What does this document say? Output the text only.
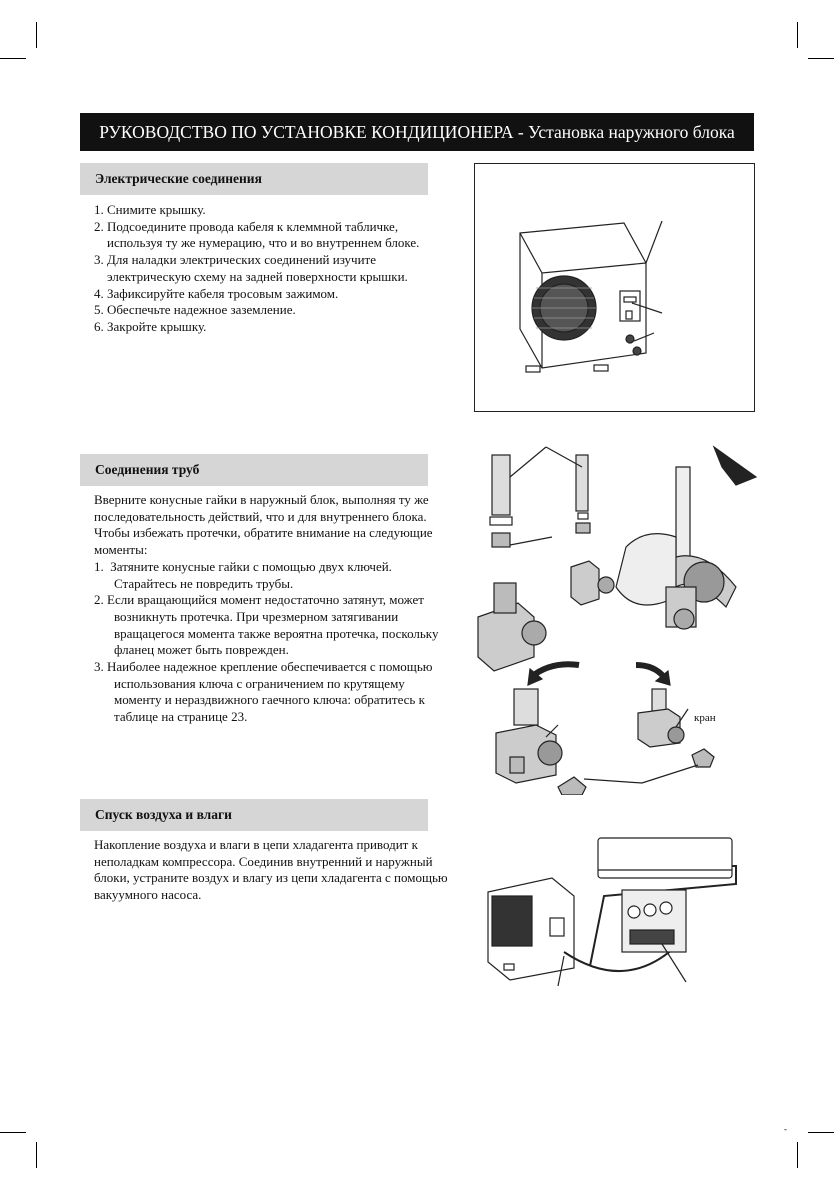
РУКОВОДСТВО ПО УСТАНОВКЕ КОНДИЦИОНЕРА - Установка наружного блока
Электрические соединения
1. Снимите крышку.
2. Подсоедините провода кабеля к клеммной табличке, используя ту же нумерацию, что и во внутреннем блоке.
3. Для наладки электрических соединений изучите электрическую схему на задней поверхности крышки.
4. Зафиксируйте кабеля тросовым зажимом.
5. Обеспечьте надежное заземление.
6. Закройте крышку.
Соединения труб
Вверните конусные гайки в наружный блок, выполняя ту же последовательность действий, что и для внутреннего блока.
Чтобы избежать протечки, обратите внимание на следующие моменты:
1. Затяните конусные гайки с помощью двух ключей. Старайтесь не повредить трубы.
2. Если вращающийся момент недостаточно затянут, может возникнуть протечка. При чрезмерном затягивании вращацегося момента также вероятна протечка, поскольку фланец может быть поврежден.
3. Наиболее надежное крепление обеспечивается с помощью использования ключа с ограничением по крутящему моменту и нераздвижного гаечного ключа: обратитесь к таблице на странице 23.	кран
Спуск воздуха и влаги
Накопление воздуха и влаги в цепи хладагента приводит к неполадкам компрессора. Соединив внутренний и наружный блоки, устраните воздух и влагу из цепи хладагента с помощью вакуумного насоса.
-
